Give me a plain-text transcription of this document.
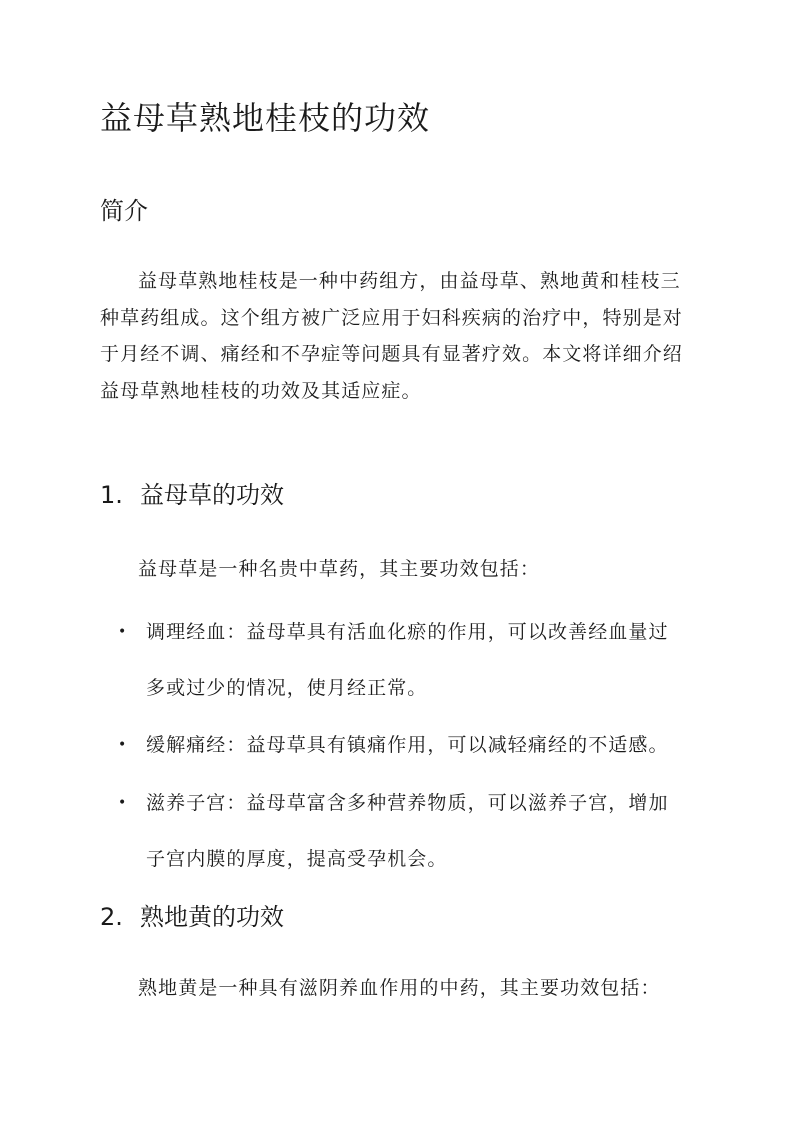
益母草熟地桂枝的功效
简介
益母草熟地桂枝是一种中药组方，由益母草、熟地黄和桂枝三
种草药组成。这个组方被广泛应用于妇科疾病的治疗中，特别是对
于月经不调、痛经和不孕症等问题具有显著疗效。本文将详细介绍
益母草熟地桂枝的功效及其适应症。
1. 益母草的功效

益母草是一种名贵中草药，其主要功效包括：

• 调理经血：益母草具有活血化瘀的作用，可以改善经血量过
多或过少的情况，使月经正常。
• 缓解痛经：益母草具有镇痛作用，可以减轻痛经的不适感。
• 滋养子宫：益母草富含多种营养物质，可以滋养子宫，增加
子宫内膜的厚度，提高受孕机会。
2. 熟地黄的功效

熟地黄是一种具有滋阴养血作用的中药，其主要功效包括：
